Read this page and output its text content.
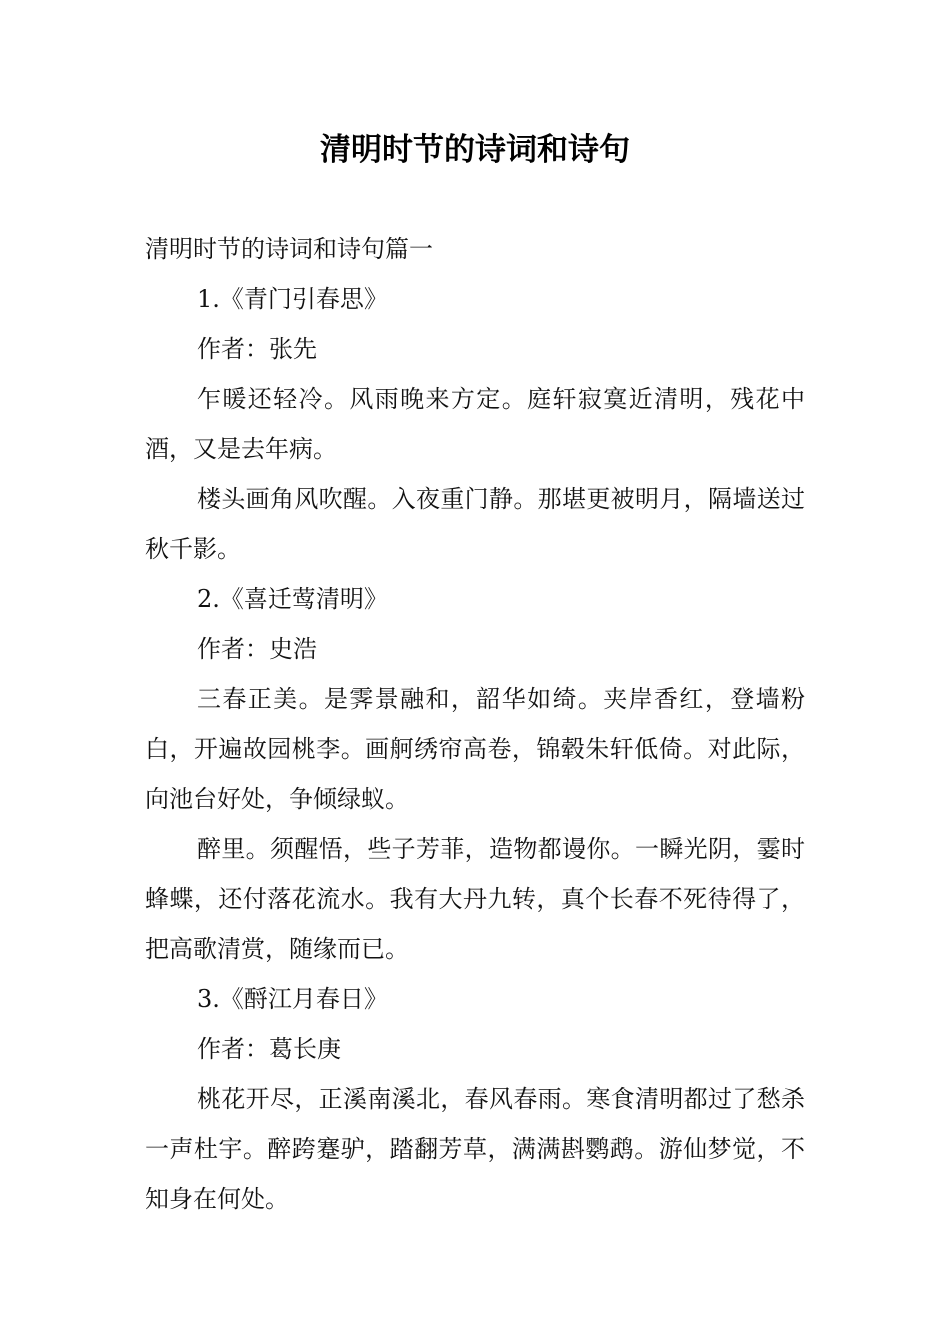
清明时节的诗词和诗句

清明时节的诗词和诗句篇一

1.《青门引春思》

作者：张先

乍暖还轻冷。风雨晚来方定。庭轩寂寞近清明，残花中酒，又是去年病。

楼头画角风吹醒。入夜重门静。那堪更被明月，隔墙送过秋千影。

2.《喜迁莺清明》

作者：史浩

三春正美。是霁景融和，韶华如绮。夹岸香红，登墙粉白，开遍故园桃李。画舸绣帘高卷，锦毂朱轩低倚。对此际，向池台好处，争倾绿蚁。

醉里。须醒悟，些子芳菲，造物都谩你。一瞬光阴，霎时蜂蝶，还付落花流水。我有大丹九转，真个长春不死待得了，把高歌清赏，随缘而已。

3.《酹江月春日》

作者：葛长庚

桃花开尽，正溪南溪北，春风春雨。寒食清明都过了愁杀一声杜宇。醉跨蹇驴，踏翻芳草，满满斟鹦鹉。游仙梦觉，不知身在何处。
